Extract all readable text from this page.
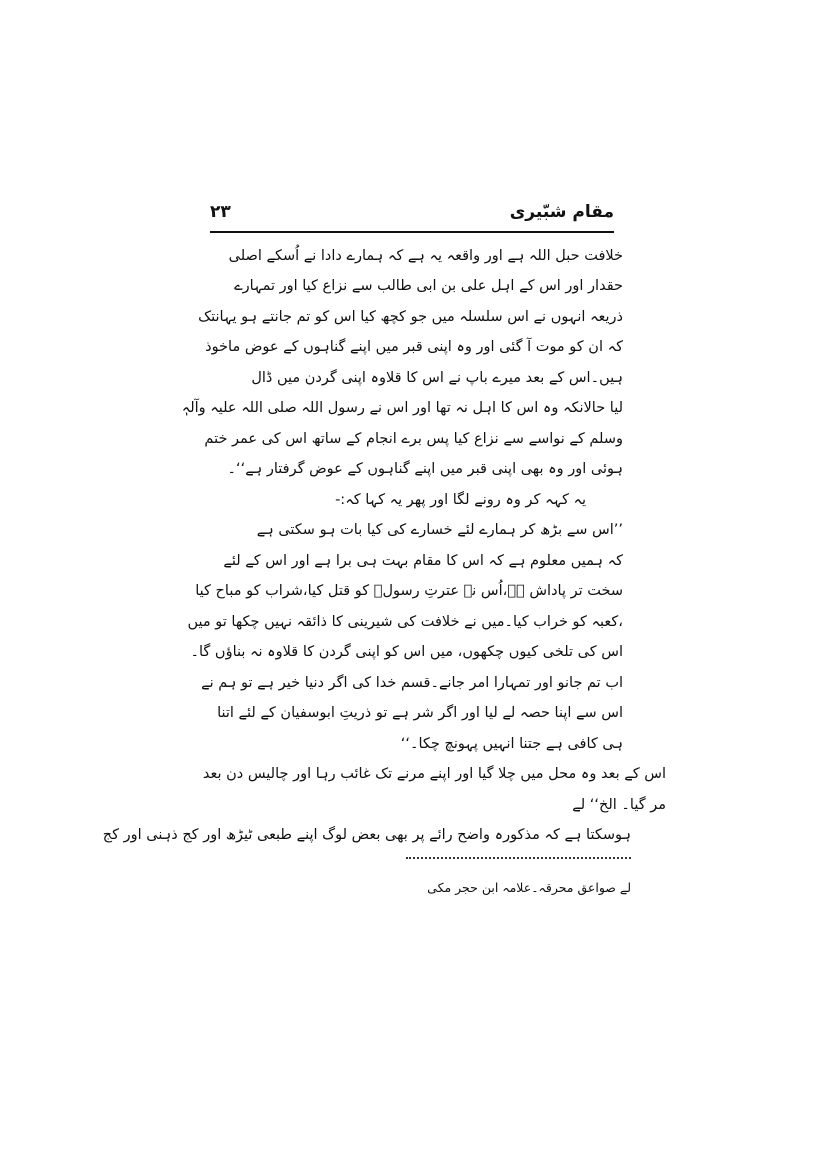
مقام شبّیری
۲۳
خلافت حبل اللہ ہے اور واقعہ یہ ہے کہ ہمارے دادا نے اُسکے اصلی
حقدار اور اس کے اہل علی بن ابی طالب سے نزاع کیا اور تمہارے
ذریعہ انہوں نے اس سلسلہ میں جو کچھ کیا اس کو تم جانتے ہو یہانتک
کہ ان کو موت آ گئی اور وہ اپنی قبر میں اپنے گناہوں کے عوض ماخوذ
ہیں۔اس کے بعد میرے باپ نے اس کا قلاوہ اپنی گردن میں ڈال
لیا حالانکہ وہ اس کا اہل نہ تھا اور اس نے رسول اللہ صلی اللہ علیہ وآلہٖ
وسلم کے نواسے سے نزاع کیا پس برے انجام کے ساتھ اس کی عمر ختم
ہوئی اور وہ بھی اپنی قبر میں اپنے گناہوں کے عوض گرفتار ہے‘‘۔
یہ کہہ کر وہ رونے لگا اور پھر یہ کہا کہ:-
’’اس سے بڑھ کر ہمارے لئے خسارے کی کیا بات ہو سکتی ہے
کہ ہمیں معلوم ہے کہ اس کا مقام بہت ہی برا ہے اور اس کے لئے
سخت تر پاداش ہے،اُس نے عترتِ رسولؐ کو قتل کیا،شراب کو مباح کیا
،کعبہ کو خراب کیا۔میں نے خلافت کی شیرینی کا ذائقہ نہیں چکھا تو میں
اس کی تلخی کیوں چکھوں، میں اس کو اپنی گردن کا قلاوہ نہ بناؤں گا۔
اب تم جانو اور تمہارا امر جانے۔قسم خدا کی اگر دنیا خیر ہے تو ہم نے
اس سے اپنا حصہ لے لیا اور اگر شر ہے تو ذریتِ ابوسفیان کے لئے اتنا
ہی کافی ہے جتنا انہیں پہونچ چکا۔‘‘
اس کے بعد وہ محل میں چلا گیا اور اپنے مرنے تک غائب رہا اور چالیس دن بعد
مر گیا۔ الخ‘‘ لے
ہوسکتا ہے کہ مذکورہ واضح رائے پر بھی بعض لوگ اپنے طبعی ٹیڑھ اور کج ذہنی اور کج
لے صواعق محرقہ۔علامہ ابن حجر مکی
